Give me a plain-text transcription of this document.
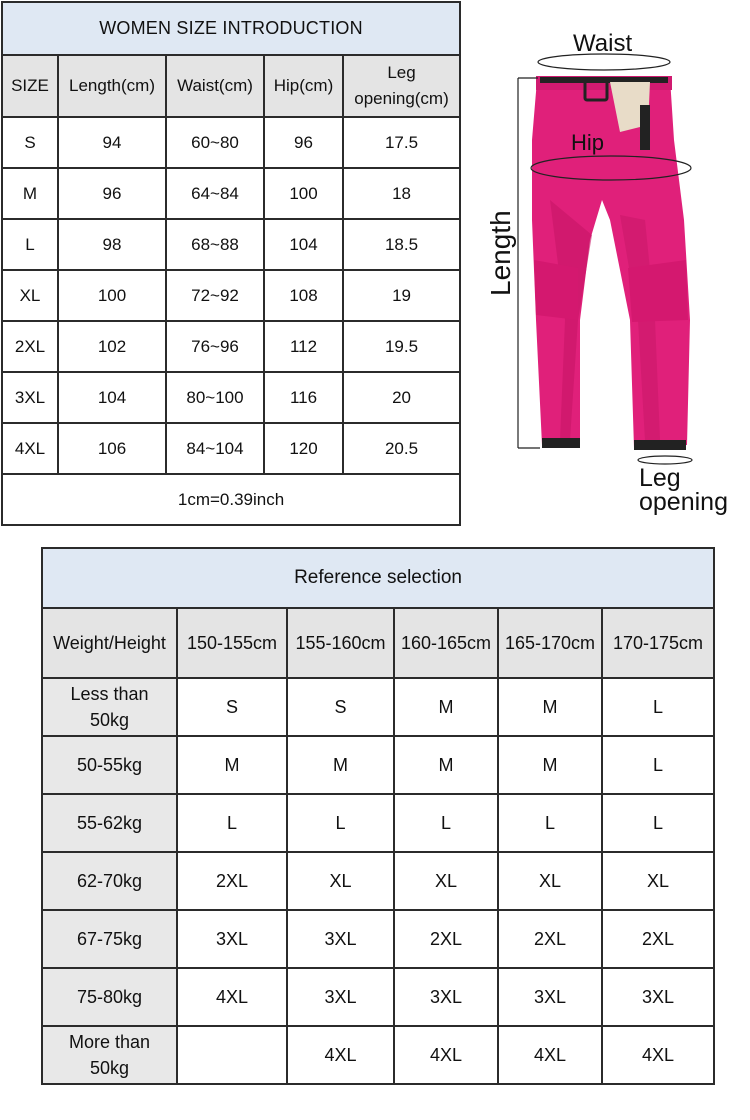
WOMEN SIZE INTRODUCTION				
SIZE	Length(cm)	Waist(cm)	Hip(cm)	Leg
opening(cm)

S	94	60~80	96	17.5
M	96	64~84	100	18
L	98	68~88	104	18.5
XL	100	72~92	108	19
2XL	102	76~96	112	19.5
3XL	104	80~100	116	20
4XL	106	84~104	120	20.5
1cm=0.39inch				
Waist
Hip
Length
Leg
opening
Reference selection					
Weight/Height	150-155cm	155-160cm	160-165cm	165-170cm	170-175cm

Less than
50kg	S	S	M	M	L
50-55kg	M	M	M	M	L
55-62kg	L	L	L	L	L
62-70kg	2XL	XL	XL	XL	XL
67-75kg	3XL	3XL	2XL	2XL	2XL
75-80kg	4XL	3XL	3XL	3XL	3XL

More than
50kg		4XL	4XL	4XL	4XL
